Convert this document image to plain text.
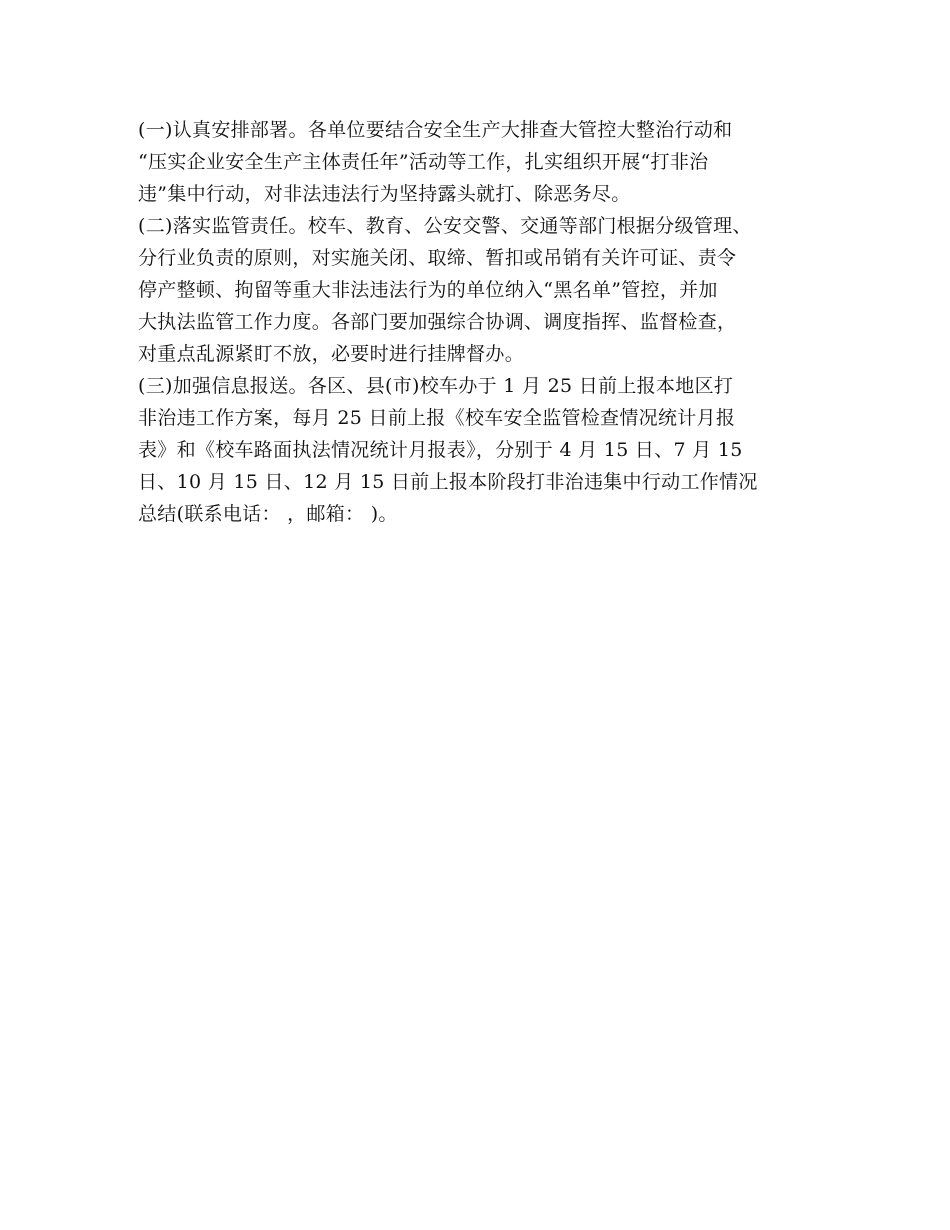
(一)认真安排部署。各单位要结合安全生产大排查大管控大整治行动和
“压实企业安全生产主体责任年”活动等工作，扎实组织开展“打非治
违”集中行动，对非法违法行为坚持露头就打、除恶务尽。
(二)落实监管责任。校车、教育、公安交警、交通等部门根据分级管理、
分行业负责的原则，对实施关闭、取缔、暂扣或吊销有关许可证、责令
停产整顿、拘留等重大非法违法行为的单位纳入“黑名单”管控，并加
大执法监管工作力度。各部门要加强综合协调、调度指挥、监督检查，
对重点乱源紧盯不放，必要时进行挂牌督办。
(三)加强信息报送。各区、县(市)校车办于 1 月 25 日前上报本地区打
非治违工作方案，每月 25 日前上报《校车安全监管检查情况统计月报
表》和《校车路面执法情况统计月报表》，分别于 4 月 15 日、7 月 15
日、10 月 15 日、12 月 15 日前上报本阶段打非治违集中行动工作情况
总结(联系电话： ，邮箱： )。
